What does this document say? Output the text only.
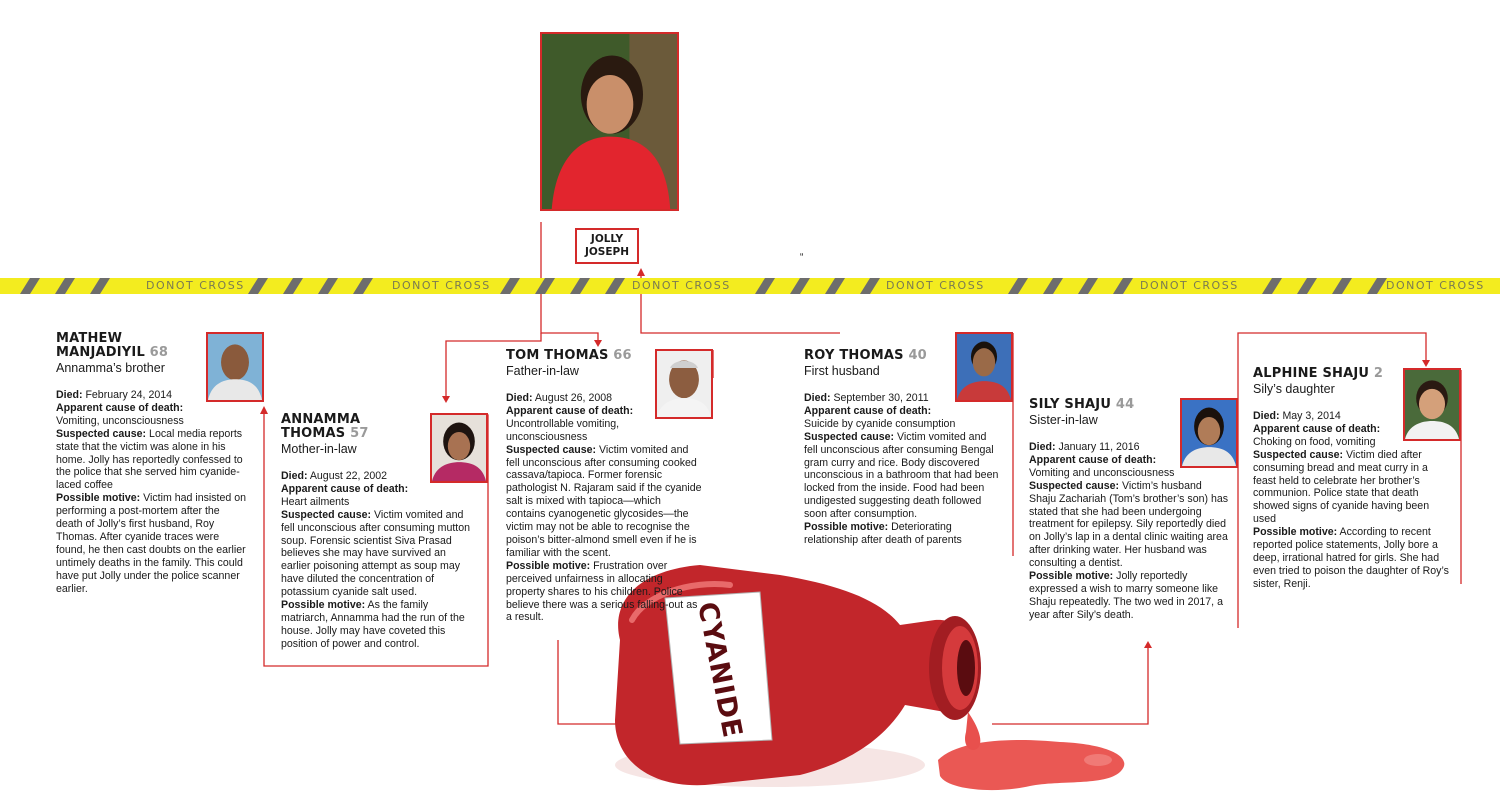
CYANIDE
DONOT CROSS	DONOT CROSS	DONOT CROSS	DONOT CROSS	DONOT CROSS	DONOT CROSS
JOLLY
JOSEPH	“
MATHEW
MANJADIYIL 68
Annamma’s brother
Died: February 24, 2014
Apparent cause of death:
Vomiting, unconsciousness
Suspected cause: Local media reports state that the victim was alone in his home. Jolly has reportedly confessed to the police that she served him cyanide-laced coffee
Possible motive: Victim had insisted on performing a post-mortem after the death of Jolly’s first husband, Roy Thomas. After cyanide traces were found, he then cast doubts on the earlier untimely deaths in the family. This could have put Jolly under the police scanner earlier.
ANNAMMA
THOMAS 57
Mother-in-law
Died: August 22, 2002
Apparent cause of death:
Heart ailments
Suspected cause: Victim vomited and fell unconscious after consuming mutton soup. Forensic scientist Siva Prasad believes she may have survived an earlier poisoning attempt as soup may have diluted the concentration of potassium cyanide salt used.
Possible motive: As the family matriarch, Annamma had the run of the house. Jolly may have coveted this position of power and control.
TOM THOMAS 66
Father-in-law
Died: August 26, 2008
Apparent cause of death:
Uncontrollable vomiting, unconsciousness
Suspected cause: Victim vomited and fell unconscious after consuming cooked cassava/tapioca. Former forensic pathologist N. Rajaram said if the cyanide salt is mixed with tapioca—which contains cyanogenetic glycosides—the victim may not be able to recognise the poison’s bitter-almond smell even if he is familiar with the scent.
Possible motive: Frustration over perceived unfairness in allocating property shares to his children. Police believe there was a serious falling-out as a result.
ROY THOMAS 40
First husband
Died: September 30, 2011
Apparent cause of death:
Suicide by cyanide consumption
Suspected cause: Victim vomited and fell unconscious after consuming Bengal gram curry and rice. Body discovered unconscious in a bathroom that had been locked from the inside. Food had been undigested suggesting death followed soon after consumption.
Possible motive: Deteriorating relationship after death of parents
SILY SHAJU 44
Sister-in-law
Died: January 11, 2016
Apparent cause of death:
Vomiting and unconsciousness
Suspected cause: Victim’s husband Shaju Zachariah (Tom’s brother’s son) has stated that she had been undergoing treatment for epilepsy. Sily reportedly died on Jolly’s lap in a dental clinic waiting area after drinking water. Her husband was consulting a dentist.
Possible motive: Jolly reportedly expressed a wish to marry someone like Shaju repeatedly. The two wed in 2017, a year after Sily’s death.
ALPHINE SHAJU 2
Sily’s daughter
Died: May 3, 2014
Apparent cause of death:
Choking on food, vomiting
Suspected cause: Victim died after consuming bread and meat curry in a feast held to celebrate her brother’s communion. Police state that death showed signs of cyanide having been used
Possible motive: According to recent reported police statements, Jolly bore a deep, irrational hatred for girls. She had even tried to poison the daughter of Roy’s sister, Renji.
